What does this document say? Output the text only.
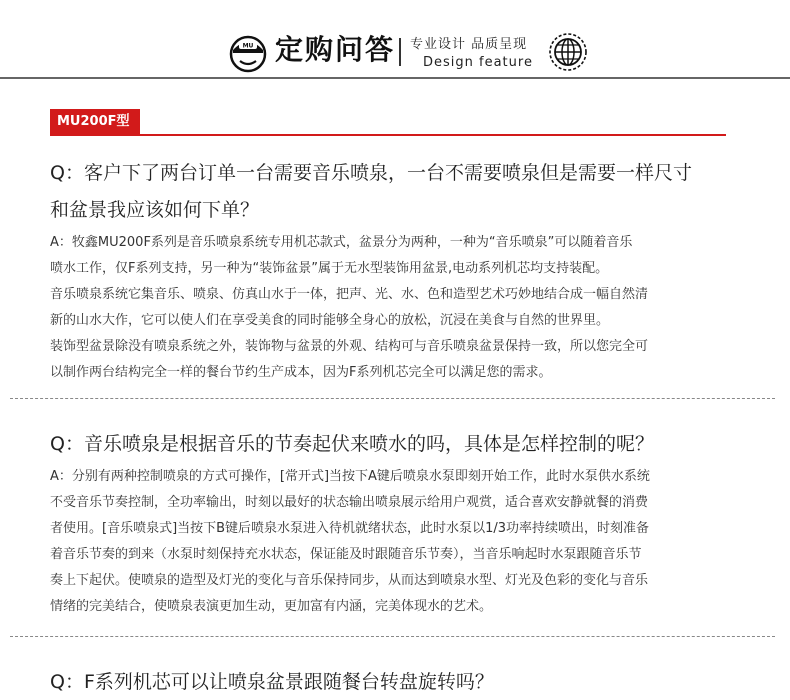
MU 定购问答 专业设计 品质呈现
Design feature
MU200F型
Q：客户下了两台订单一台需要音乐喷泉，一台不需要喷泉但是需要一样尺寸
和盆景我应该如何下单？
A：牧鑫MU200F系列是音乐喷泉系统专用机芯款式，盆景分为两种，一种为“音乐喷泉”可以随着音乐
喷水工作，仅F系列支持，另一种为“装饰盆景”属于无水型装饰用盆景,电动系列机芯均支持装配。
音乐喷泉系统它集音乐、喷泉、仿真山水于一体，把声、光、水、色和造型艺术巧妙地结合成一幅自然清
新的山水大作，它可以使人们在享受美食的同时能够全身心的放松，沉浸在美食与自然的世界里。
装饰型盆景除没有喷泉系统之外，装饰物与盆景的外观、结构可与音乐喷泉盆景保持一致，所以您完全可
以制作两台结构完全一样的餐台节约生产成本，因为F系列机芯完全可以满足您的需求。
Q：音乐喷泉是根据音乐的节奏起伏来喷水的吗，具体是怎样控制的呢？
A：分别有两种控制喷泉的方式可操作，[常开式]当按下A键后喷泉水泵即刻开始工作，此时水泵供水系统
不受音乐节奏控制，全功率输出，时刻以最好的状态输出喷泉展示给用户观赏，适合喜欢安静就餐的消费
者使用。[音乐喷泉式]当按下B键后喷泉水泵进入待机就绪状态，此时水泵以1/3功率持续喷出，时刻准备
着音乐节奏的到来（水泵时刻保持充水状态，保证能及时跟随音乐节奏），当音乐响起时水泵跟随音乐节
奏上下起伏。使喷泉的造型及灯光的变化与音乐保持同步，从而达到喷泉水型、灯光及色彩的变化与音乐
情绪的完美结合，使喷泉表演更加生动，更加富有内涵，完美体现水的艺术。
Q：F系列机芯可以让喷泉盆景跟随餐台转盘旋转吗？
